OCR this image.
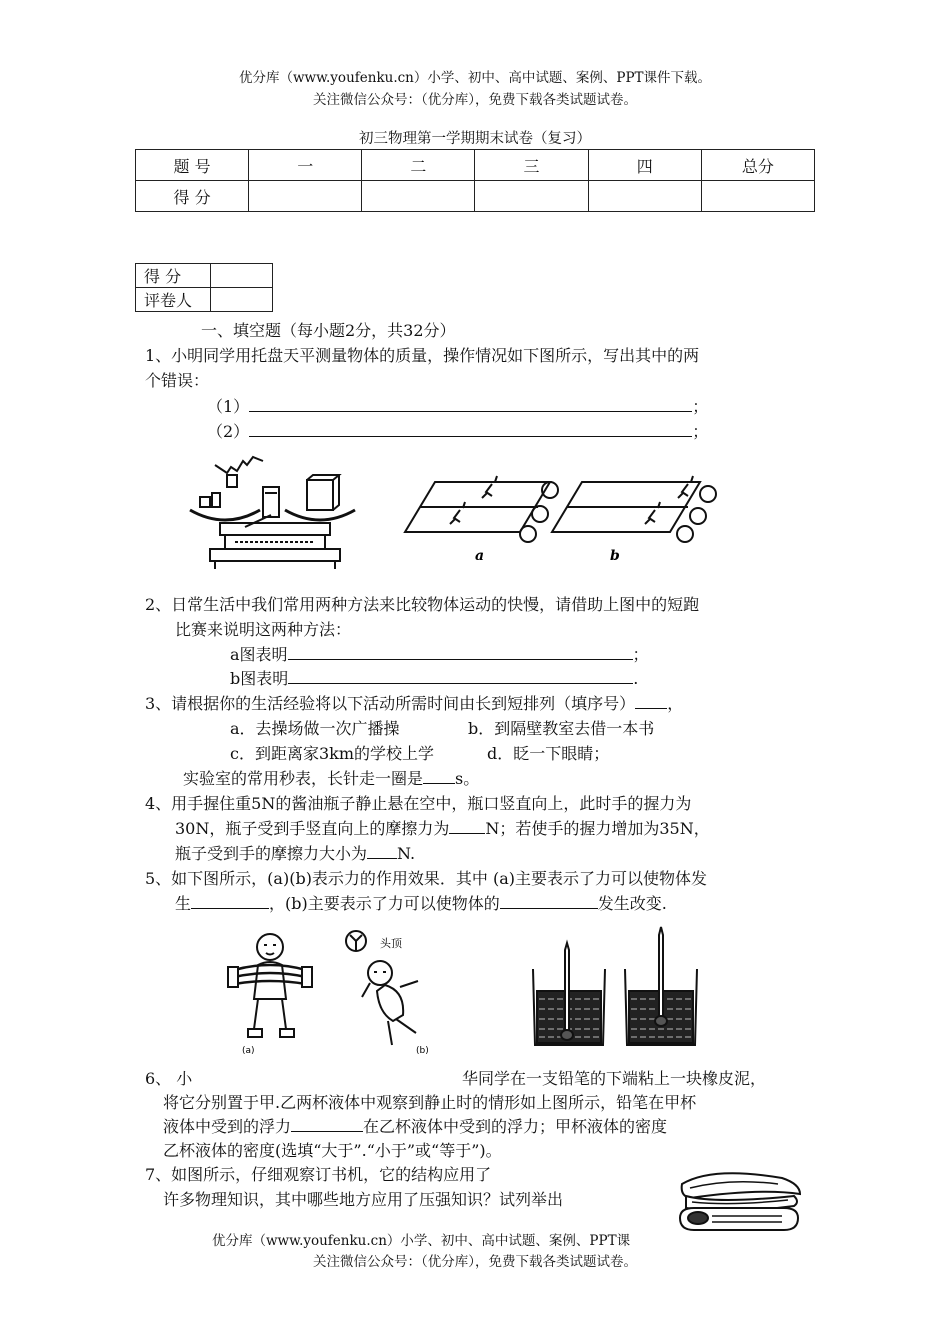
优分库（www.youfenku.cn）小学、初中、高中试题、案例、PPT课件下载。
关注微信公众号：（优分库），免费下载各类试题试卷。
初三物理第一学期期末试卷（复习）
题 号	一	二	三	四	总分
得 分					
得 分	
评卷人	
一、填空题（每小题2分，共32分）
1、小明同学用托盘天平测量物体的质量，操作情况如下图所示，写出其中的两
个错误：
（1）	；
（2）	；
a	b
2、日常生活中我们常用两种方法来比较物体运动的快慢，请借助上图中的短跑
比赛来说明这两种方法：
a图表明	；
b图表明	.
3、请根据你的生活经验将以下活动所需时间由长到短排列（填序号） ，
a．去操场做一次广播操	b．到隔壁教室去借一本书
c．到距离家3km的学校上学	d．眨一下眼睛；
实验室的常用秒表，长针走一圈是 s。
4、用手握住重5N的酱油瓶子静止悬在空中，瓶口竖直向上，此时手的握力为
30N，瓶子受到手竖直向上的摩擦力为 N；若使手的握力增加为35N，
瓶子受到手的摩擦力大小为 N.
5、如下图所示，(a)(b)表示力的作用效果．其中 (a)主要表示了力可以使物体发
生	，(b)主要表示了力可以使物体的	发生改变.
头顶
(a)	(b)
6、 小	华同学在一支铅笔的下端粘上一块橡皮泥，
将它分别置于甲.乙两杯液体中观察到静止时的情形如上图所示，铅笔在甲杯
液体中受到的浮力	在乙杯液体中受到的浮力；甲杯液体的密度
乙杯液体的密度(选填“大于”.“小于”或“等于”)。
7、如图所示，仔细观察订书机，它的结构应用了
许多物理知识，其中哪些地方应用了压强知识？试列举出
优分库（www.youfenku.cn）小学、初中、高中试题、案例、PPT课
关注微信公众号：（优分库），免费下载各类试题试卷。
